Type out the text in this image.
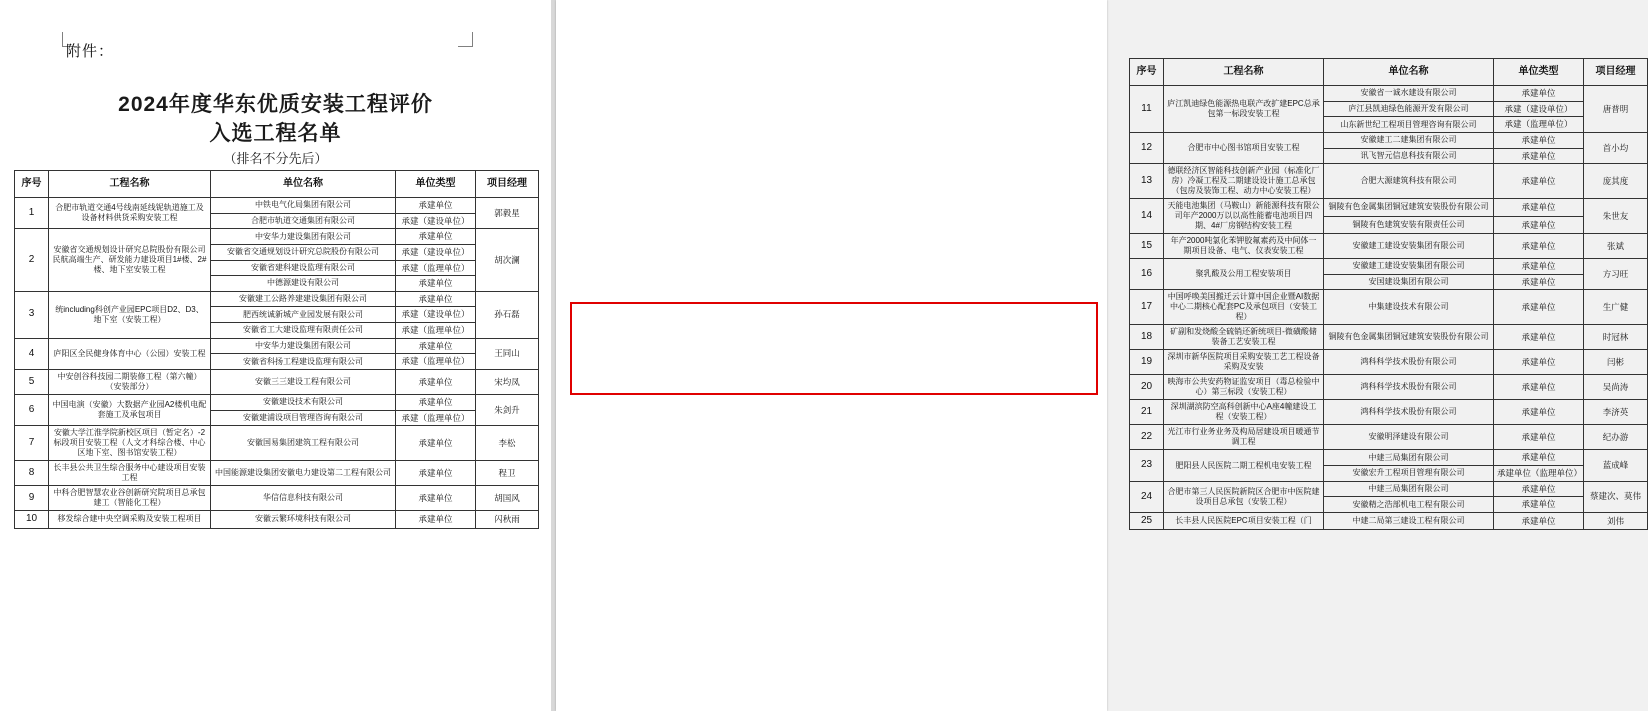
附件：
2024年度华东优质安装工程评价
入选工程名单
（排名不分先后）
序号	工程名称	单位名称	单位类型	项目经理
1	合肥市轨道交通4号线南延线铌轨道施工及设备材料供货采购安装工程	中铁电气化局集团有限公司	承建单位	郭毅星
		合肥市轨道交通集团有限公司	承建（建设单位）	
2	安徽省交通规划设计研究总院股份有限公司民航高端生产、研发能力建设项目1#楼、2#楼、地下室安装工程	中安华力建设集团有限公司	承建单位	胡次澜
		安徽省交通规划设计研究总院股份有限公司	承建（建设单位）	
		安徽省建科建设监理有限公司	承建（监理单位）	
		中德源建设有限公司	承建单位	
3	统including科创产业园EPC项目D2、D3、地下室（安装工程）	安徽建工公路养建建设集团有限公司	承建单位	孙石磊
		肥西统诚新城产业园发展有限公司	承建（建设单位）	
		安徽省工大建设监理有限责任公司	承建（监理单位）	
4	庐阳区全民健身体育中心（公园）安装工程	中安华力建设集团有限公司	承建单位	王同山
		安徽省科扬工程建设监理有限公司	承建（监理单位）	
5	中安创谷科技园二期装修工程（第六幢）（安装部分）	安徽三三建设工程有限公司	承建单位	宋均凤
6	中国电演（安徽）大数据产业园A2楼机电配套施工及承包项目	安徽建设技术有限公司	承建单位	朱剑升
		安徽建浦设项目管理咨询有限公司	承建（监理单位）	
7	安徽大学江淮学院新校区项目（暂定名）-2标段项目安装工程（人文才科综合楼、中心区地下室、图书馆安装工程）	安徽国易集团建筑工程有限公司	承建单位	李松
8	长丰县公共卫生综合服务中心建设项目安装工程	中国能源建设集团安徽电力建设第二工程有限公司	承建单位	程卫
9	中科合肥智慧农业谷创新研究院项目总承包建工（智能化工程）	华信信息科技有限公司	承建单位	胡国风
10	移发综合建中央空调采购及安装工程项目	安徽云繁环境科技有限公司	承建单位	闪秋雨
序号	工程名称	单位名称	单位类型	项目经理
11	庐江凯迪绿色能源热电联产改扩建EPC总承包第一标段安装工程	安徽省一诚水建设有限公司	承建单位	唐普明
		庐江县凯迪绿色能源开发有限公司	承建（建设单位）	
		山东新世纪工程项目管理咨询有限公司	承建（监理单位）	
12	合肥市中心图书馆项目安装工程	安徽建工二建集团有限公司	承建单位	首小均
		讯飞智元信息科技有限公司	承建单位	
13	德联经济区智能科技创新产业园（标准化厂房）冷凝工程及二期建设设计施工总承包（包房及装饰工程、动力中心安装工程）	合肥大源建筑科技有限公司	承建单位	庞其度
14	天能电池集团（马鞍山）新能源科技有限公司年产2000万以以高性能蓄电池项目四期、4#厂房钢结构安装工程	铜陵有色金属集团铜冠建筑安装股份有限公司	承建单位	朱世友
		铜陵有色建筑安装有限责任公司	承建单位	
15	年产2000吨氯化苯钾胶氟素药及中间体一期项目设备、电气、仪表安装工程	安徽建工建设安装集团有限公司	承建单位	张斌
16	聚乳酸及公用工程安装项目	安徽建工建设安装集团有限公司	承建单位	方习旺
		安国建设集团有限公司	承建单位	
17	中国呼唤美国搬迁云计算中国企业暨AI数据中心二期核心配套PC及承包项目（安装工程）	中集建设技术有限公司	承建单位	生广健
18	矿副和发烧酸全硫销还新统项目-微磺酸储装备工艺安装工程	铜陵有色金属集团铜冠建筑安装股份有限公司	承建单位	时冠林
19	深圳市新华医院项目采购安装工艺工程设备采购及安装	鸿科科学技术股份有限公司	承建单位	闫彬
20	映海市公共安药物证监安项目（毒总检验中心）第三标段（安装工程）	鸿科科学技术股份有限公司	承建单位	吴尚涛
21	深圳湖滨防空高科创新中心A座4幢建设工程（安装工程）	鸿科科学技术股份有限公司	承建单位	李济英
22	光江市行业务业务及构局居建设项目暖通节调工程	安徽明泽建设有限公司	承建单位	纪办游
23	肥阳县人民医院二期工程机电安装工程	中建三局集团有限公司	承建单位	蓝成峰
		安徽宏升工程项目管理有限公司	承建单位（监理单位）	
24	合肥市第三人民医院新院区合肥市中医院建设项目总承包（安装工程）	中建三局集团有限公司	承建单位	蔡建次、莫伟
		安徽精之浩部机电工程有限公司	承建单位	
25	长丰县人民医院EPC项目安装工程（门	中建二局第三建设工程有限公司	承建单位	刘伟
